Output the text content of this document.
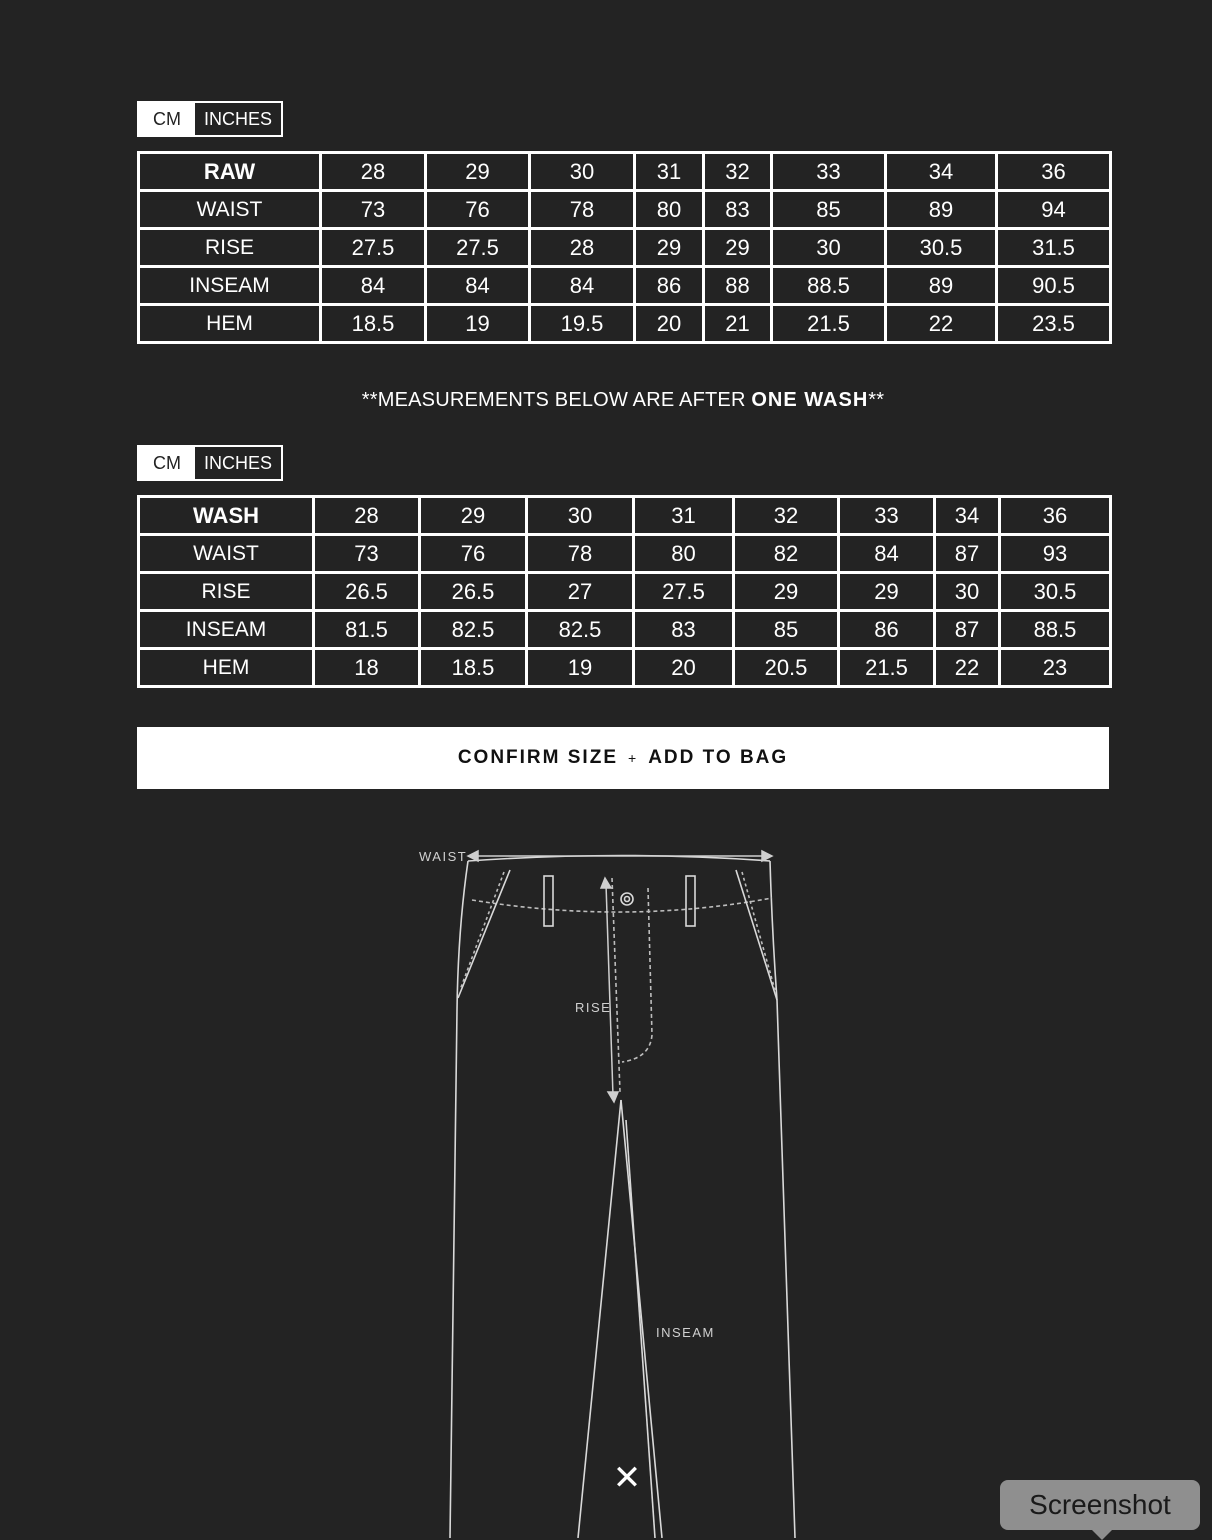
CM	INCHES
RAW	28	29	30	31	32	33	34	36
WAIST	73	76	78	80	83	85	89	94
RISE	27.5	27.5	28	29	29	30	30.5	31.5
INSEAM	84	84	84	86	88	88.5	89	90.5
HEM	18.5	19	19.5	20	21	21.5	22	23.5
**MEASUREMENTS BELOW ARE AFTER ONE WASH**
CM	INCHES
WASH	28	29	30	31	32	33	34	36
WAIST	73	76	78	80	82	84	87	93
RISE	26.5	26.5	27	27.5	29	29	30	30.5
INSEAM	81.5	82.5	82.5	83	85	86	87	88.5
HEM	18	18.5	19	20	20.5	21.5	22	23
CONFIRM SIZE + ADD TO BAG
WAIST
RISE
INSEAM
✕
Screenshot
